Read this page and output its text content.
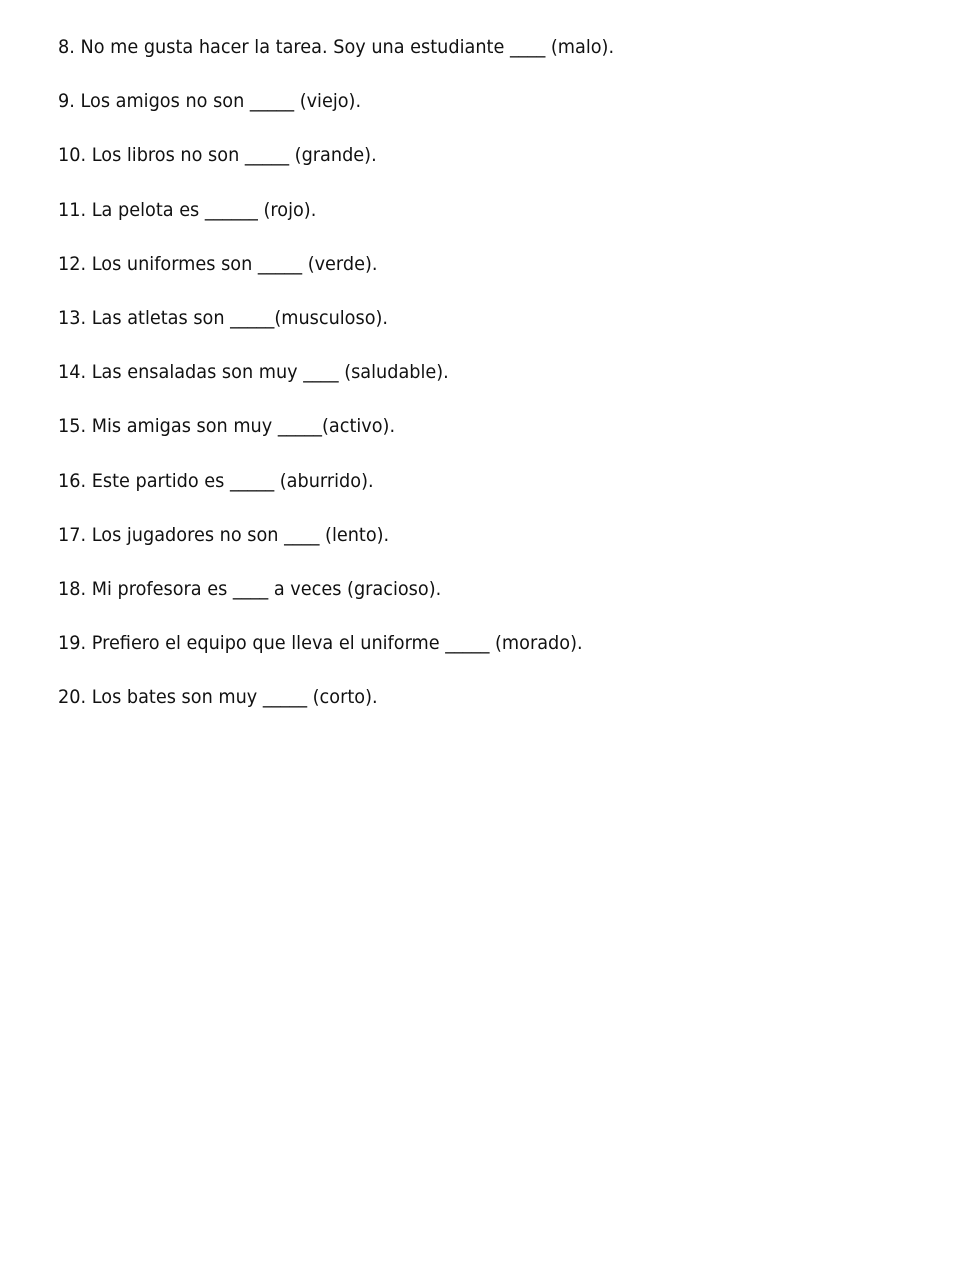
8. No me gusta hacer la tarea. Soy una estudiante ____ (malo).
9. Los amigos no son _____ (viejo).
10. Los libros no son _____ (grande).
11. La pelota es ______ (rojo).
12. Los uniformes son _____ (verde).
13. Las atletas son _____(musculoso).
14. Las ensaladas son muy ____ (saludable).
15. Mis amigas son muy _____(activo).
16. Este partido es _____ (aburrido).
17. Los jugadores no son ____ (lento).
18. Mi profesora es ____ a veces (gracioso).
19. Prefiero el equipo que lleva el uniforme _____ (morado).
20. Los bates son muy _____ (corto).
